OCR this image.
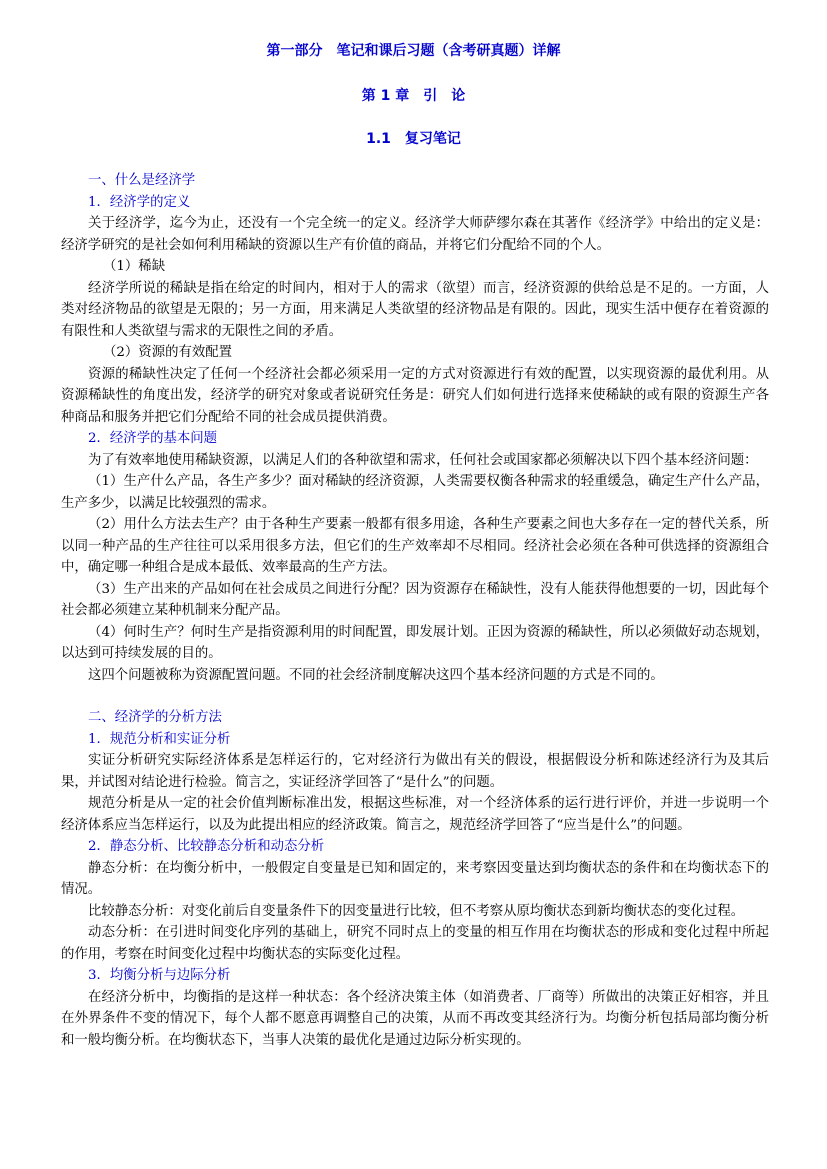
第一部分　笔记和课后习题（含考研真题）详解
第 1 章　引　论
1.1　复习笔记

一、什么是经济学

1．经济学的定义

关于经济学，迄今为止，还没有一个完全统一的定义。经济学大师萨缪尔森在其著作《经济学》中给出的定义是：经济学研究的是社会如何利用稀缺的资源以生产有价值的商品，并将它们分配给不同的个人。

（1）稀缺

经济学所说的稀缺是指在给定的时间内，相对于人的需求（欲望）而言，经济资源的供给总是不足的。一方面，人类对经济物品的欲望是无限的；另一方面，用来满足人类欲望的经济物品是有限的。因此，现实生活中便存在着资源的有限性和人类欲望与需求的无限性之间的矛盾。

（2）资源的有效配置

资源的稀缺性决定了任何一个经济社会都必须采用一定的方式对资源进行有效的配置，以实现资源的最优利用。从资源稀缺性的角度出发，经济学的研究对象或者说研究任务是：研究人们如何进行选择来使稀缺的或有限的资源生产各种商品和服务并把它们分配给不同的社会成员提供消费。

2．经济学的基本问题

为了有效率地使用稀缺资源，以满足人们的各种欲望和需求，任何社会或国家都必须解决以下四个基本经济问题：

（1）生产什么产品，各生产多少？面对稀缺的经济资源，人类需要权衡各种需求的轻重缓急，确定生产什么产品，生产多少，以满足比较强烈的需求。

（2）用什么方法去生产？由于各种生产要素一般都有很多用途，各种生产要素之间也大多存在一定的替代关系，所以同一种产品的生产往往可以采用很多方法，但它们的生产效率却不尽相同。经济社会必须在各种可供选择的资源组合中，确定哪一种组合是成本最低、效率最高的生产方法。

（3）生产出来的产品如何在社会成员之间进行分配？因为资源存在稀缺性，没有人能获得他想要的一切，因此每个社会都必须建立某种机制来分配产品。

（4）何时生产？何时生产是指资源利用的时间配置，即发展计划。正因为资源的稀缺性，所以必须做好动态规划，以达到可持续发展的目的。

这四个问题被称为资源配置问题。不同的社会经济制度解决这四个基本经济问题的方式是不同的。

二、经济学的分析方法

1．规范分析和实证分析

实证分析研究实际经济体系是怎样运行的，它对经济行为做出有关的假设，根据假设分析和陈述经济行为及其后果，并试图对结论进行检验。简言之，实证经济学回答了“是什么”的问题。

规范分析是从一定的社会价值判断标准出发，根据这些标准，对一个经济体系的运行进行评价，并进一步说明一个经济体系应当怎样运行，以及为此提出相应的经济政策。简言之，规范经济学回答了“应当是什么”的问题。

2．静态分析、比较静态分析和动态分析

静态分析：在均衡分析中，一般假定自变量是已知和固定的，来考察因变量达到均衡状态的条件和在均衡状态下的情况。

比较静态分析：对变化前后自变量条件下的因变量进行比较，但不考察从原均衡状态到新均衡状态的变化过程。

动态分析：在引进时间变化序列的基础上，研究不同时点上的变量的相互作用在均衡状态的形成和变化过程中所起的作用，考察在时间变化过程中均衡状态的实际变化过程。

3．均衡分析与边际分析

在经济分析中，均衡指的是这样一种状态：各个经济决策主体（如消费者、厂商等）所做出的决策正好相容，并且在外界条件不变的情况下，每个人都不愿意再调整自己的决策，从而不再改变其经济行为。均衡分析包括局部均衡分析和一般均衡分析。在均衡状态下，当事人决策的最优化是通过边际分析实现的。
